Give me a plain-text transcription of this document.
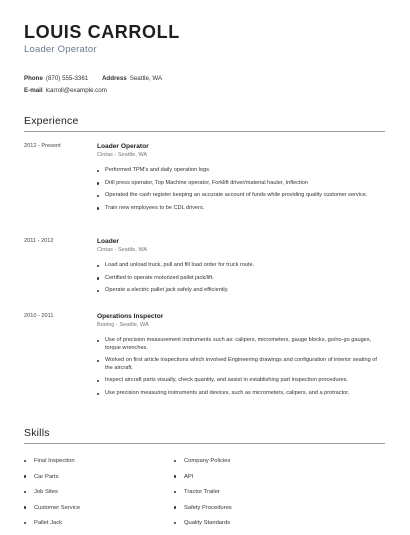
LOUIS CARROLL
Loader Operator
Phone (870) 555-3361 Address Seattle, WA
E-mail lcarroll@example.com
Experience
2012 - Present	Loader Operator
Cintas - Seattle, WA
Performed TPM's and daily operation logs.
Drill press operator, Top Machine operator, Forklift driver/material hauler, Inflection
Operated the cash register keeping an accurate account of funds while providing quality customer service.
Train new employees to be CDL drivers.
2011 - 2012	Loader
Cintas - Seattle, WA
Load and unload truck, pull and fill load order for truck route.
Certified to operate motorized pallet jack/lift.
Operate a electric pallet jack safely and efficiently.
2010 - 2011	Operations Inspector
Boeing - Seattle, WA
Use of precision measurement instruments such as: calipers, micrometers, gauge blocks, go/no-go gauges, torque wrenches.
Worked on first article inspections which involved Engineering drawings and configuration of interior seating of the aircraft.
Inspect aircraft parts visually, check quantity, and assist in establishing part inspection procedures.
Use precision measuring instruments and devices, such as micrometers, calipers, and a protractor.
Skills
Final Inspection
Car Parts
Job Sites
Customer Service
Pallet Jack
Company Policies
API
Tractor Trailer
Safety Procedures
Quality Standards
